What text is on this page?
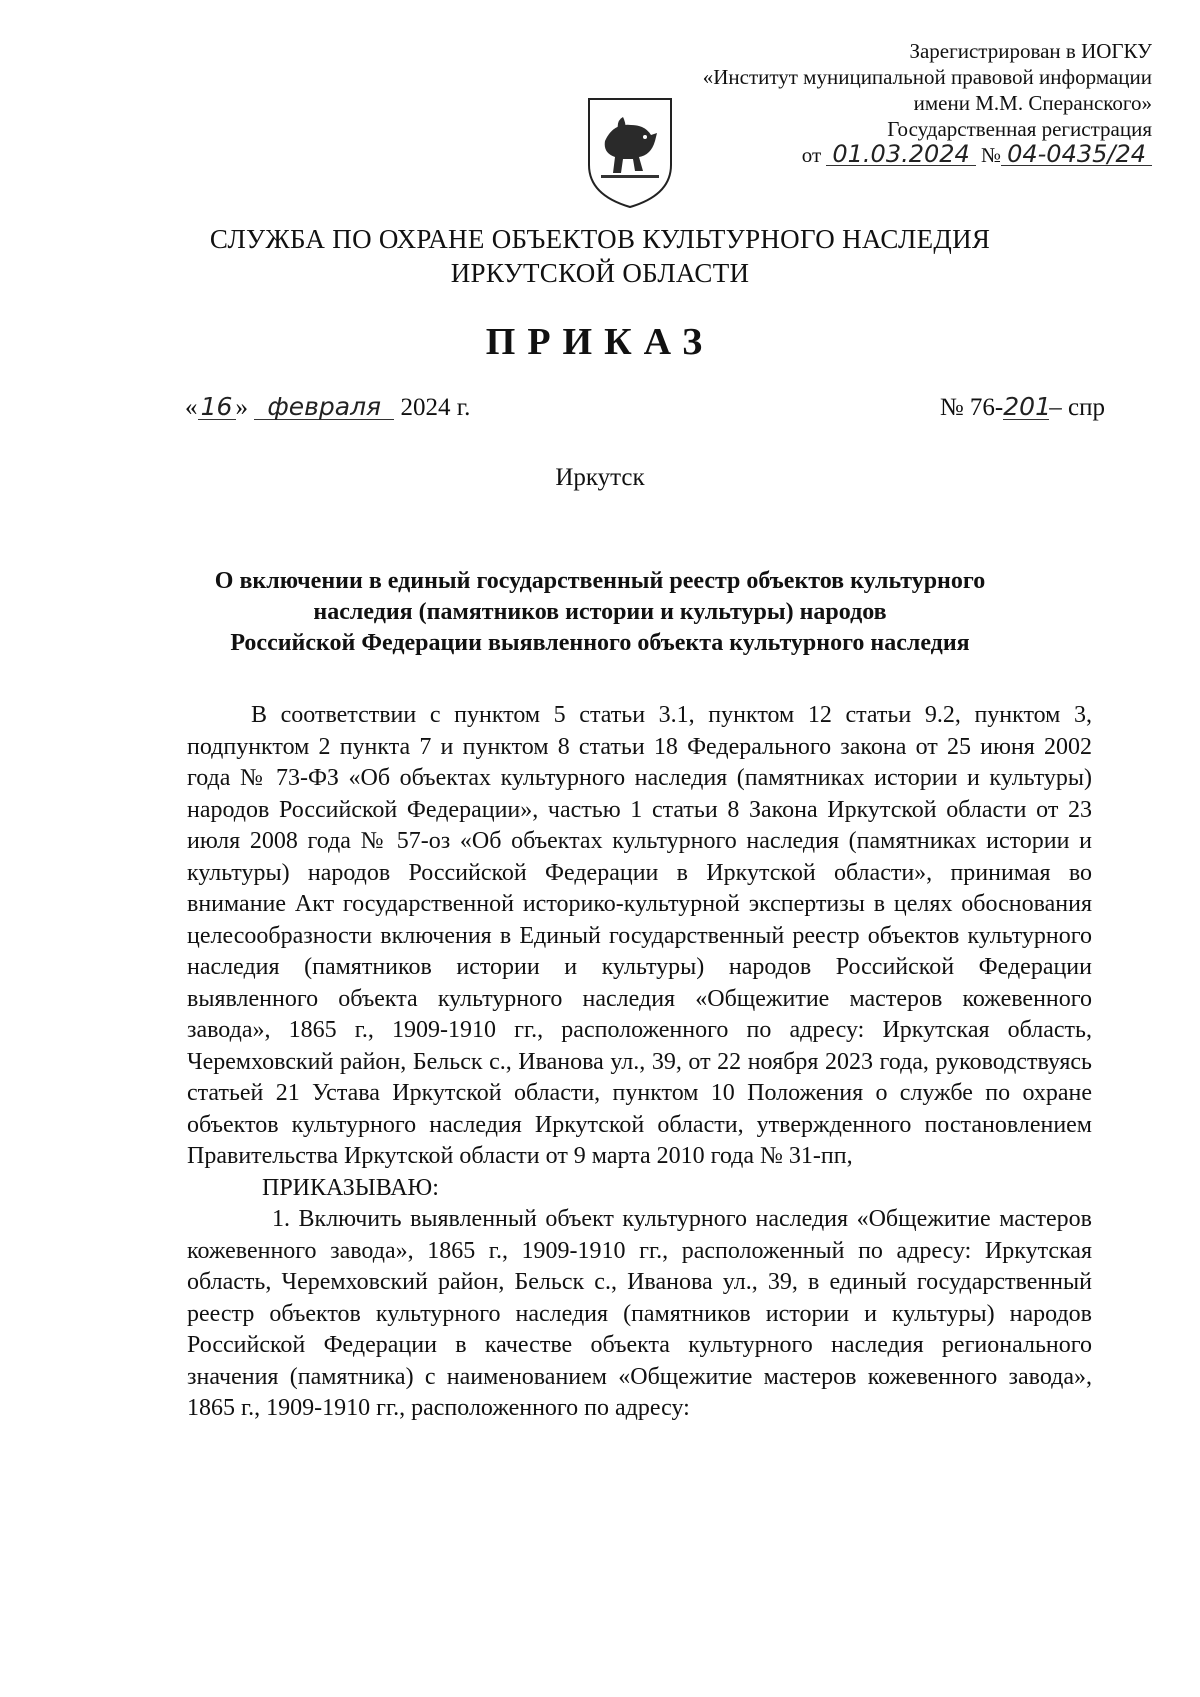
Зарегистрирован в ИОГКУ
«Институт муниципальной правовой информации
имени М.М. Сперанского»
Государственная регистрация
от 01.03.2024 № 04-0435/24
СЛУЖБА ПО ОХРАНЕ ОБЪЕКТОВ КУЛЬТУРНОГО НАСЛЕДИЯ
ИРКУТСКОЙ ОБЛАСТИ
ПРИКАЗ
« 16 » февраля 2024 г.	№ 76-201– спр
Иркутск
О включении в единый государственный реестр объектов культурного
наследия (памятников истории и культуры) народов
Российской Федерации выявленного объекта культурного наследия

В соответствии с пунктом 5 статьи 3.1, пунктом 12 статьи 9.2, пунктом 3, подпунктом 2 пункта 7 и пунктом 8 статьи 18 Федерального закона от 25 июня 2002 года № 73-ФЗ «Об объектах культурного наследия (памятниках истории и культуры) народов Российской Федерации», частью 1 статьи 8 Закона Иркутской области от 23 июля 2008 года № 57-оз «Об объектах культурного наследия (памятниках истории и культуры) народов Российской Федерации в Иркутской области», принимая во внимание Акт государственной историко-культурной экспертизы в целях обоснования целесообразности включения в Единый государственный реестр объектов культурного наследия (памятников истории и культуры) народов Российской Федерации выявленного объекта культурного наследия «Общежитие мастеров кожевенного завода», 1865 г., 1909-1910 гг., расположенного по адресу: Иркутская область, Черемховский район, Бельск с., Иванова ул., 39, от 22 ноября 2023 года, руководствуясь статьей 21 Устава Иркутской области, пунктом 10 Положения о службе по охране объектов культурного наследия Иркутской области, утвержденного постановлением Правительства Иркутской области от 9 марта 2010 года № 31-пп,

ПРИКАЗЫВАЮ:

1. Включить выявленный объект культурного наследия «Общежитие мастеров кожевенного завода», 1865 г., 1909-1910 гг., расположенный по адресу: Иркутская область, Черемховский район, Бельск с., Иванова ул., 39, в единый государственный реестр объектов культурного наследия (памятников истории и культуры) народов Российской Федерации в качестве объекта культурного наследия регионального значения (памятника) с наименованием «Общежитие мастеров кожевенного завода», 1865 г., 1909-1910 гг., расположенного по адресу:
